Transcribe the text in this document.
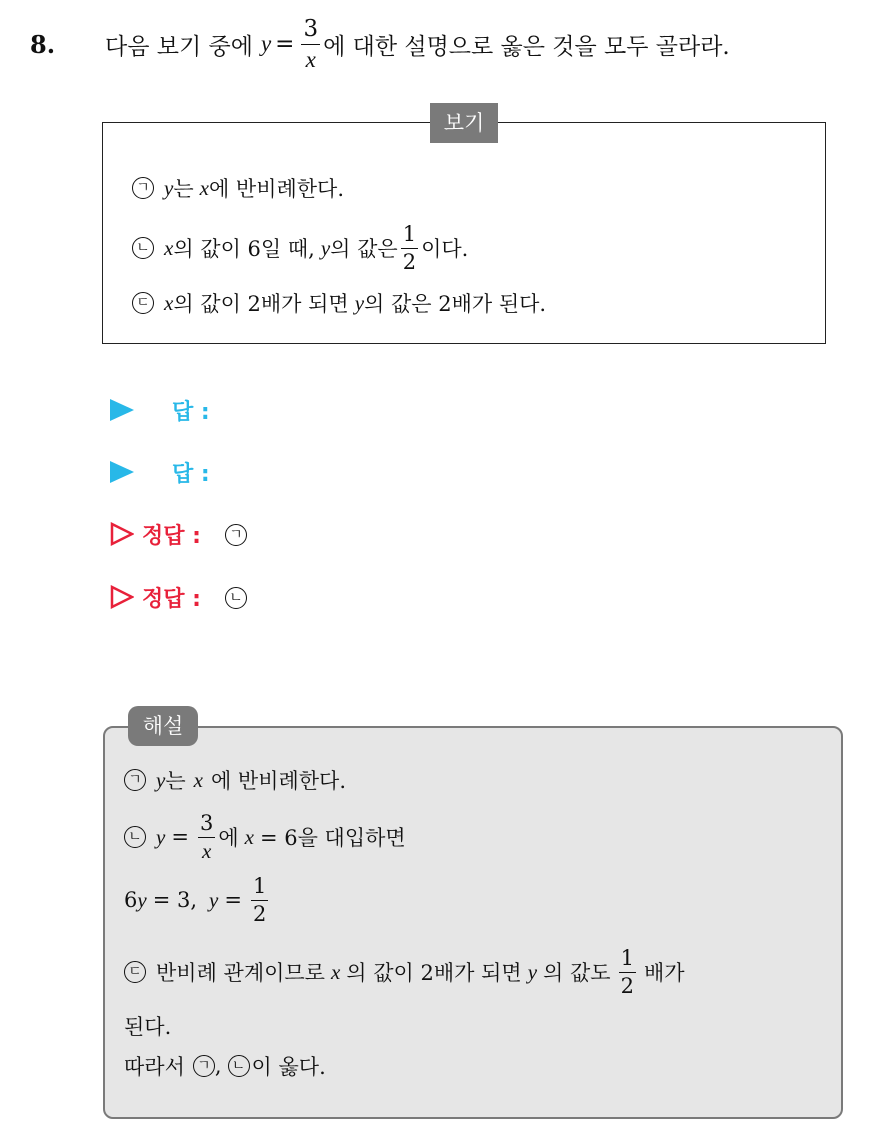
8. 다음 보기 중에 $y = \frac{3}{x}$ 에 대한 설명으로 옳은 것을 모두 골라라.
보기
ㄱ y 는 x 에 반비례한다.
ㄴ x 의 값이 6일 때, y 의 값은 $\frac{1}{2}$ 이다.
ㄷ x 의 값이 2배가 되면 y 의 값은 2배가 된다.
답 :
답 :
정답 :	ㄱ
정답 :	ㄴ
해설
ㄱ y 는 x 에 반비례한다.
ㄴ $y = \frac{3}{x}$ 에 x = 6을 대입하면
6 y = 3, $y = \frac{1}{2}$
ㄷ 반비례 관계이므로 x 의 값이 2배가 되면 y 의 값도 $\frac{1}{2}$ 배가
된다.
따라서 ㄱ , ㄴ 이 옳다.
